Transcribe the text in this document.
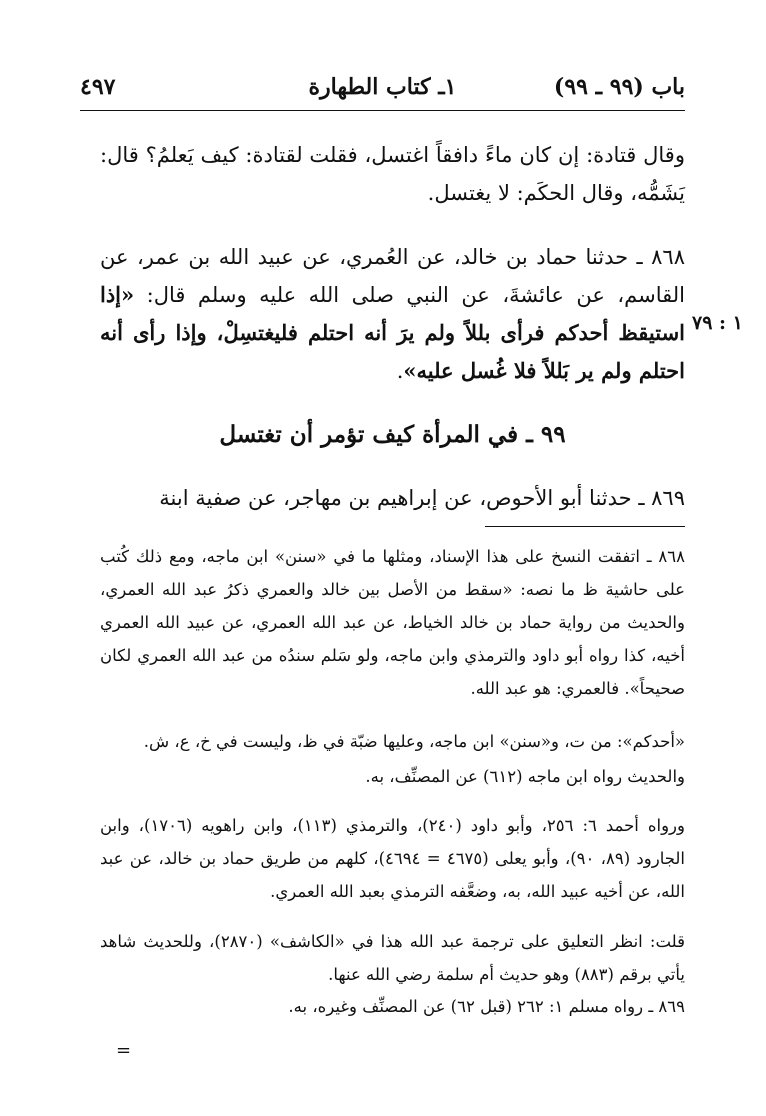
باب (٩٩ ـ ٩٩)
١ـ كتاب الطهارة
٤٩٧

وقال قتادة: إن كان ماءً دافقاً اغتسل، فقلت لقتادة: كيف يَعلمُ؟ قال: يَشَمُّه، وقال الحكَم: لا يغتسل.

٨٦٨ ـ حدثنا حماد بن خالد، عن العُمري، عن عبيد الله بن عمر، عن القاسم، عن عائشةَ، عن النبي صلى الله عليه وسلم قال: «إذا استيقظ أحدكم فرأى بللاً ولم يرَ أنه احتلم فليغتسِلْ، وإذا رأى أنه احتلم ولم ير بَللاً فلا غُسل عليه».

١ : ٧٩
٩٩ ـ في المرأة كيف تؤمر أن تغتسل

٨٦٩ ـ حدثنا أبو الأحوص، عن إبراهيم بن مهاجر، عن صفية ابنة

٨٦٨ ـ اتفقت النسخ على هذا الإسناد، ومثلها ما في «سنن» ابن ماجه، ومع ذلك كُتب على حاشية ظ ما نصه: «سقط من الأصل بين خالد والعمري ذكرُ عبد الله العمري، والحديث من رواية حماد بن خالد الخياط، عن عبد الله العمري، عن عبيد الله العمري أخيه، كذا رواه أبو داود والترمذي وابن ماجه، ولو سَلم سندُه من عبد الله العمري لكان صحيحاً». فالعمري: هو عبد الله.

«أحدكم»: من ت، و«سنن» ابن ماجه، وعليها ضبّة في ظ، وليست في خ، ع، ش.

والحديث رواه ابن ماجه (٦١٢) عن المصنِّف، به.

ورواه أحمد ٦: ٢٥٦، وأبو داود (٢٤٠)، والترمذي (١١٣)، وابن راهويه (١٧٠٦)، وابن الجارود (٨٩، ٩٠)، وأبو يعلى (٤٦٧٥ = ٤٦٩٤)، كلهم من طريق حماد بن خالد، عن عبد الله، عن أخيه عبيد الله، به، وضعَّفه الترمذي بعبد الله العمري.

قلت: انظر التعليق على ترجمة عبد الله هذا في «الكاشف» (٢٨٧٠)، وللحديث شاهد يأتي برقم (٨٨٣) وهو حديث أم سلمة رضي الله عنها.

٨٦٩ ـ رواه مسلم ١: ٢٦٢ (قبل ٦٢) عن المصنِّف وغيره، به.

=
